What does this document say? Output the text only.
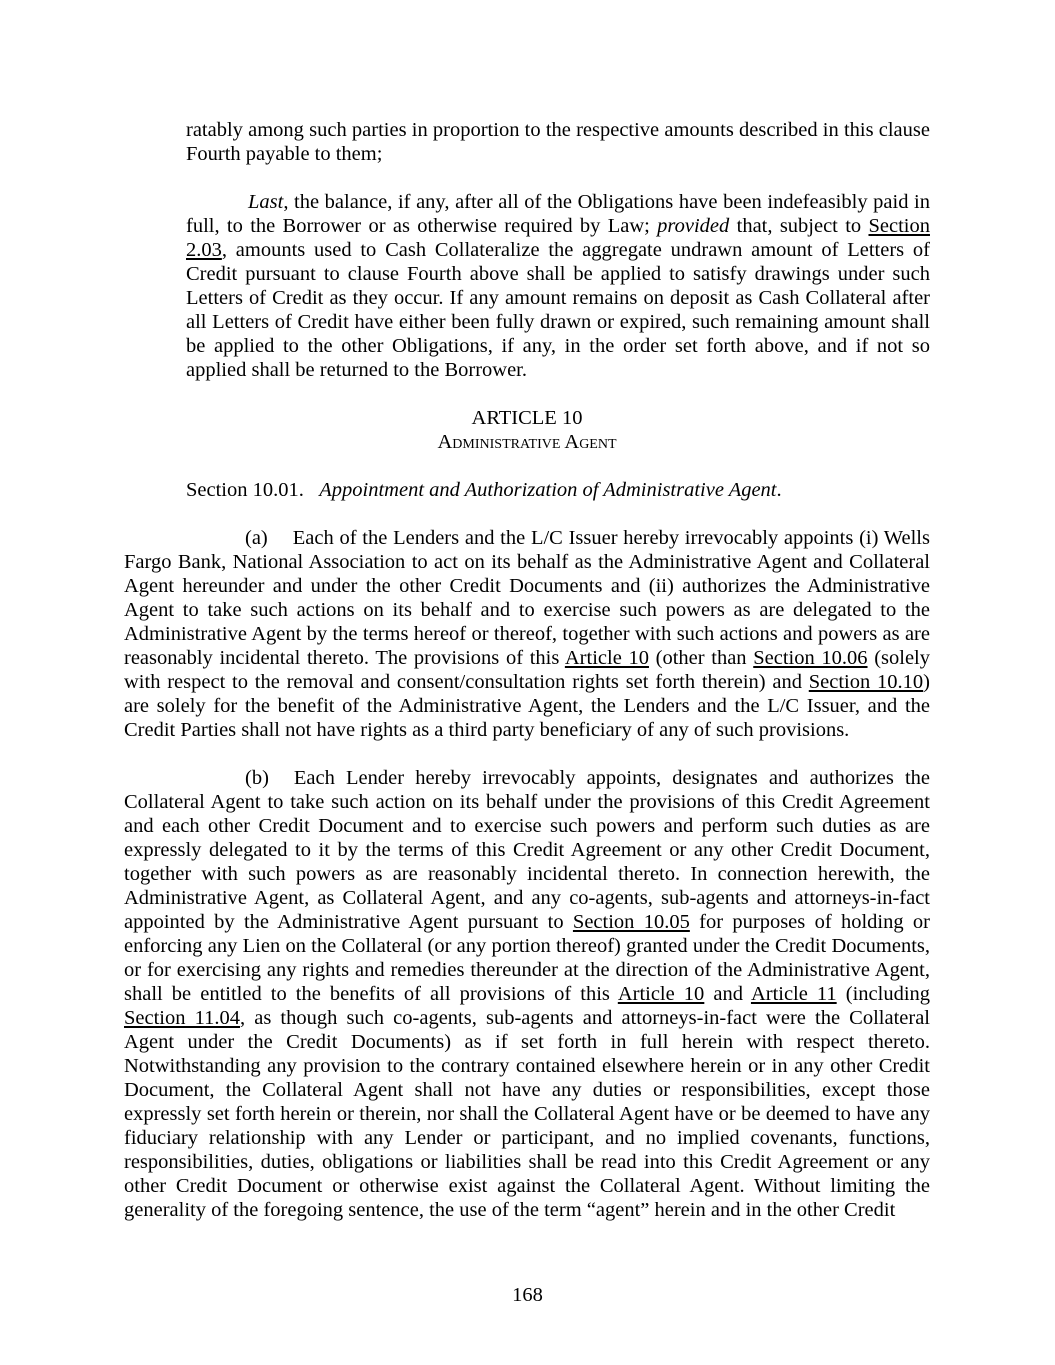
ratably among such parties in proportion to the respective amounts described in this clause Fourth payable to them;

Last, the balance, if any, after all of the Obligations have been indefeasibly paid in full, to the Borrower or as otherwise required by Law; provided that, subject to Section 2.03, amounts used to Cash Collateralize the aggregate undrawn amount of Letters of Credit pursuant to clause Fourth above shall be applied to satisfy drawings under such Letters of Credit as they occur. If any amount remains on deposit as Cash Collateral after all Letters of Credit have either been fully drawn or expired, such remaining amount shall be applied to the other Obligations, if any, in the order set forth above, and if not so applied shall be returned to the Borrower.

ARTICLE 10

Administrative Agent

Section 10.01.   Appointment and Authorization of Administrative Agent.

(a) Each of the Lenders and the L/C Issuer hereby irrevocably appoints (i) Wells Fargo Bank, National Association to act on its behalf as the Administrative Agent and Collateral Agent hereunder and under the other Credit Documents and (ii) authorizes the Administrative Agent to take such actions on its behalf and to exercise such powers as are delegated to the Administrative Agent by the terms hereof or thereof, together with such actions and powers as are reasonably incidental thereto. The provisions of this Article 10 (other than Section 10.06 (solely with respect to the removal and consent/consultation rights set forth therein) and Section 10.10) are solely for the benefit of the Administrative Agent, the Lenders and the L/C Issuer, and the Credit Parties shall not have rights as a third party beneficiary of any of such provisions.

(b) Each Lender hereby irrevocably appoints, designates and authorizes the Collateral Agent to take such action on its behalf under the provisions of this Credit Agreement and each other Credit Document and to exercise such powers and perform such duties as are expressly delegated to it by the terms of this Credit Agreement or any other Credit Document, together with such powers as are reasonably incidental thereto. In connection herewith, the Administrative Agent, as Collateral Agent, and any co-agents, sub-agents and attorneys-in-fact appointed by the Administrative Agent pursuant to Section 10.05 for purposes of holding or enforcing any Lien on the Collateral (or any portion thereof) granted under the Credit Documents, or for exercising any rights and remedies thereunder at the direction of the Administrative Agent, shall be entitled to the benefits of all provisions of this Article 10 and Article 11 (including Section 11.04, as though such co-agents, sub-agents and attorneys-in-fact were the Collateral Agent under the Credit Documents) as if set forth in full herein with respect thereto. Notwithstanding any provision to the contrary contained elsewhere herein or in any other Credit Document, the Collateral Agent shall not have any duties or responsibilities, except those expressly set forth herein or therein, nor shall the Collateral Agent have or be deemed to have any fiduciary relationship with any Lender or participant, and no implied covenants, functions, responsibilities, duties, obligations or liabilities shall be read into this Credit Agreement or any other Credit Document or otherwise exist against the Collateral Agent. Without limiting the generality of the foregoing sentence, the use of the term “agent” herein and in the other Credit

168
